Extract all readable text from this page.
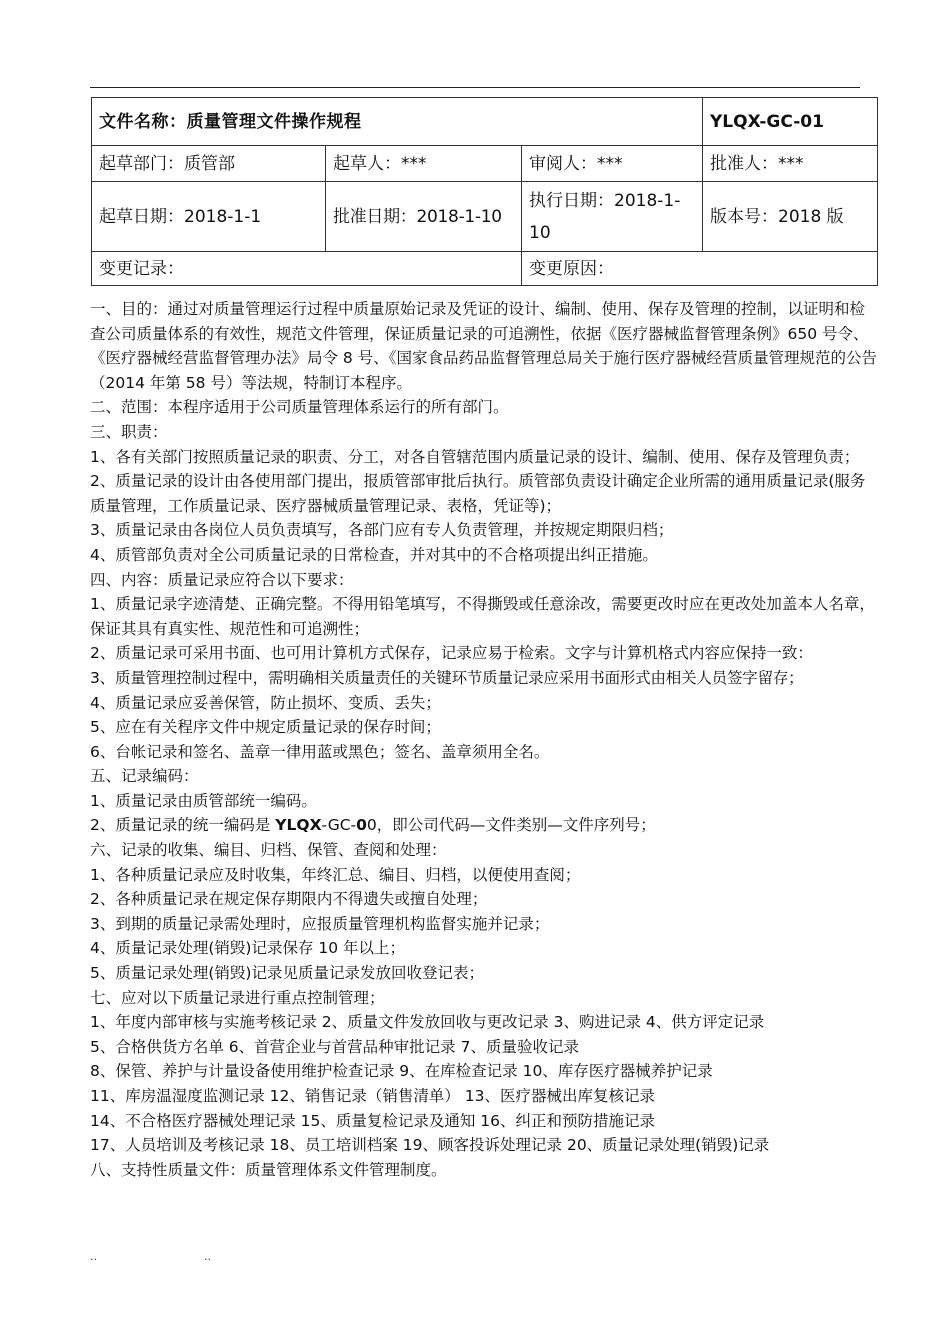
文件名称：质量管理文件操作规程			YLQX-GC-01
起草部门：质管部	起草人：***	审阅人：***	批准人：***
起草日期：2018-1-1	批准日期：2018-1-10	执行日期：2018-1-10	版本号：2018 版
变更记录：		变更原因：	

一、目的：通过对质量管理运行过程中质量原始记录及凭证的设计、编制、使用、保存及管理的控制，以证明和检查公司质量体系的有效性，规范文件管理，保证质量记录的可追溯性，依据《医疗器械监督管理条例》650 号令、《医疗器械经营监督管理办法》局令 8 号、《国家食品药品监督管理总局关于施行医疗器械经营质量管理规范的公告（2014 年第 58 号）等法规，特制订本程序。

二、范围：本程序适用于公司质量管理体系运行的所有部门。

三、职责：

1、各有关部门按照质量记录的职责、分工，对各自管辖范围内质量记录的设计、编制、使用、保存及管理负责；

2、质量记录的设计由各使用部门提出，报质管部审批后执行。质管部负责设计确定企业所需的通用质量记录(服务质量管理，工作质量记录、医疗器械质量管理记录、表格，凭证等)；

3、质量记录由各岗位人员负责填写，各部门应有专人负责管理，并按规定期限归档；

4、质管部负责对全公司质量记录的日常检查，并对其中的不合格项提出纠正措施。

四、内容：质量记录应符合以下要求：

1、质量记录字迹清楚、正确完整。不得用铅笔填写，不得撕毁或任意涂改，需要更改时应在更改处加盖本人名章，保证其具有真实性、规范性和可追溯性；

2、质量记录可采用书面、也可用计算机方式保存，记录应易于检索。文字与计算机格式内容应保持一致：

3、质量管理控制过程中，需明确相关质量责任的关键环节质量记录应采用书面形式由相关人员签字留存；

4、质量记录应妥善保管，防止损坏、变质、丢失；

5、应在有关程序文件中规定质量记录的保存时间；

6、台帐记录和签名、盖章一律用蓝或黑色；签名、盖章须用全名。

五、记录编码：

1、质量记录由质管部统一编码。

2、质量记录的统一编码是 YLQX-GC-00，即公司代码—文件类别—文件序列号；

六、记录的收集、编目、归档、保管、查阅和处理：

1、各种质量记录应及时收集，年终汇总、编目、归档，以便使用查阅；

2、各种质量记录在规定保存期限内不得遗失或擅自处理；

3、到期的质量记录需处理时，应报质量管理机构监督实施并记录；

4、质量记录处理(销毁)记录保存 10 年以上；

5、质量记录处理(销毁)记录见质量记录发放回收登记表；

七、应对以下质量记录进行重点控制管理；

1、年度内部审核与实施考核记录 2、质量文件发放回收与更改记录 3、购进记录 4、供方评定记录

5、合格供货方名单 6、首营企业与首营品种审批记录 7、质量验收记录

8、保管、养护与计量设备使用维护检查记录 9、在库检查记录 10、库存医疗器械养护记录

11、库房温湿度监测记录 12、销售记录（销售清单） 13、医疗器械出库复核记录

14、不合格医疗器械处理记录 15、质量复检记录及通知 16、纠正和预防措施记录

17、人员培训及考核记录 18、员工培训档案 19、顾客投诉处理记录 20、质量记录处理(销毁)记录

八、支持性质量文件：质量管理体系文件管理制度。

..	..
